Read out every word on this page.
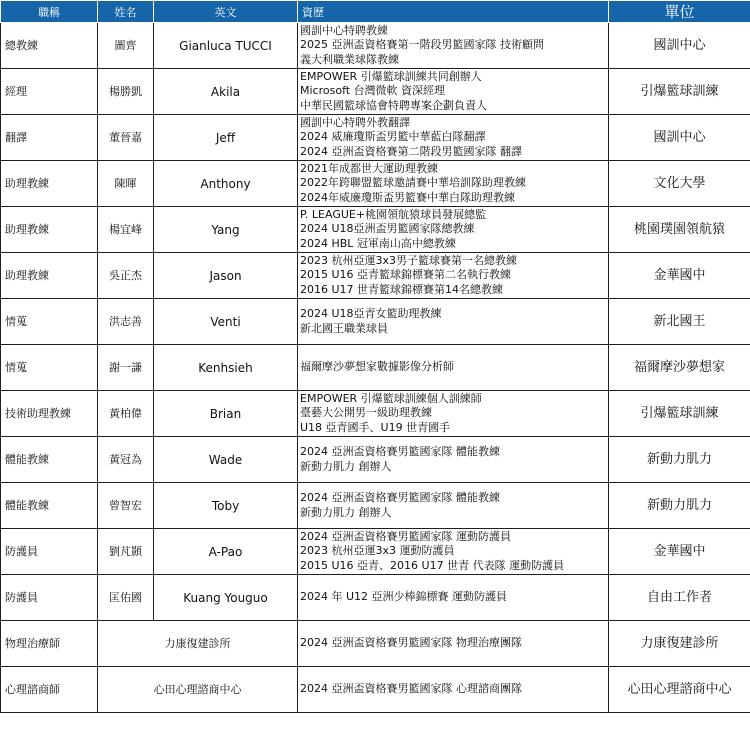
職稱	姓名	英文	資歷	單位
總教練	圖齊	Gianluca TUCCI	國訓中心特聘教練
2025 亞洲盃資格賽第一階段男籃國家隊 技術顧問
義大利職業球隊教練	國訓中心
經理	楊勝凱	Akila	EMPOWER 引爆籃球訓練共同創辦人
Microsoft 台灣微軟 資深經理
中華民國籃球協會特聘專案企劃負責人	引爆籃球訓練
翻譯	董晉嘉	Jeff	國訓中心特聘外教翻譯
2024 威廉瓊斯盃男籃中華藍白隊翻譯
2024 亞洲盃資格賽第二階段男籃國家隊 翻譯	國訓中心
助理教練	陳暉	Anthony	2021年成都世大運助理教練
2022年跨聯盟籃球邀請賽中華培訓隊助理教練
2024年威廉瓊斯盃男籃賽中華白隊助理教練	文化大學
助理教練	楊宜峰	Yang	P. LEAGUE+桃園領航猿球員發展總監
2024 U18亞洲盃男籃國家隊總教練
2024 HBL 冠軍南山高中總教練	桃園璞園領航猿
助理教練	吳正杰	Jason	2023 杭州亞運3x3男子籃球賽第一名總教練
2015 U16 亞青籃球錦標賽第二名執行教練
2016 U17 世青籃球錦標賽第14名總教練	金華國中
情蒐	洪志善	Venti	2024 U18亞青女籃助理教練
新北國王職業球員	新北國王
情蒐	謝一謙	Kenhsieh	福爾摩沙夢想家數據影像分析師	福爾摩沙夢想家
技術助理教練	黃柏偉	Brian	EMPOWER 引爆籃球訓練個人訓練師
臺藝大公開男一級助理教練
U18 亞青國手、U19 世青國手	引爆籃球訓練
體能教練	黃冠為	Wade	2024 亞洲盃資格賽男籃國家隊 體能教練
新動力肌力 創辦人	新動力肌力
體能教練	曾智宏	Toby	2024 亞洲盃資格賽男籃國家隊 體能教練
新動力肌力 創辦人	新動力肌力
防護員	劉芃顥	A-Pao	2024 亞洲盃資格賽男籃國家隊 運動防護員
2023 杭州亞運3x3 運動防護員
2015 U16 亞青、2016 U17 世青 代表隊 運動防護員	金華國中
防護員	匡佑國	Kuang Youguo	2024 年 U12 亞洲少棒錦標賽 運動防護員	自由工作者
物理治療師	力康復建診所		2024 亞洲盃資格賽男籃國家隊 物理治療團隊	力康復建診所
心理諮商師	心田心理諮商中心		2024 亞洲盃資格賽男籃國家隊 心理諮商團隊	心田心理諮商中心
